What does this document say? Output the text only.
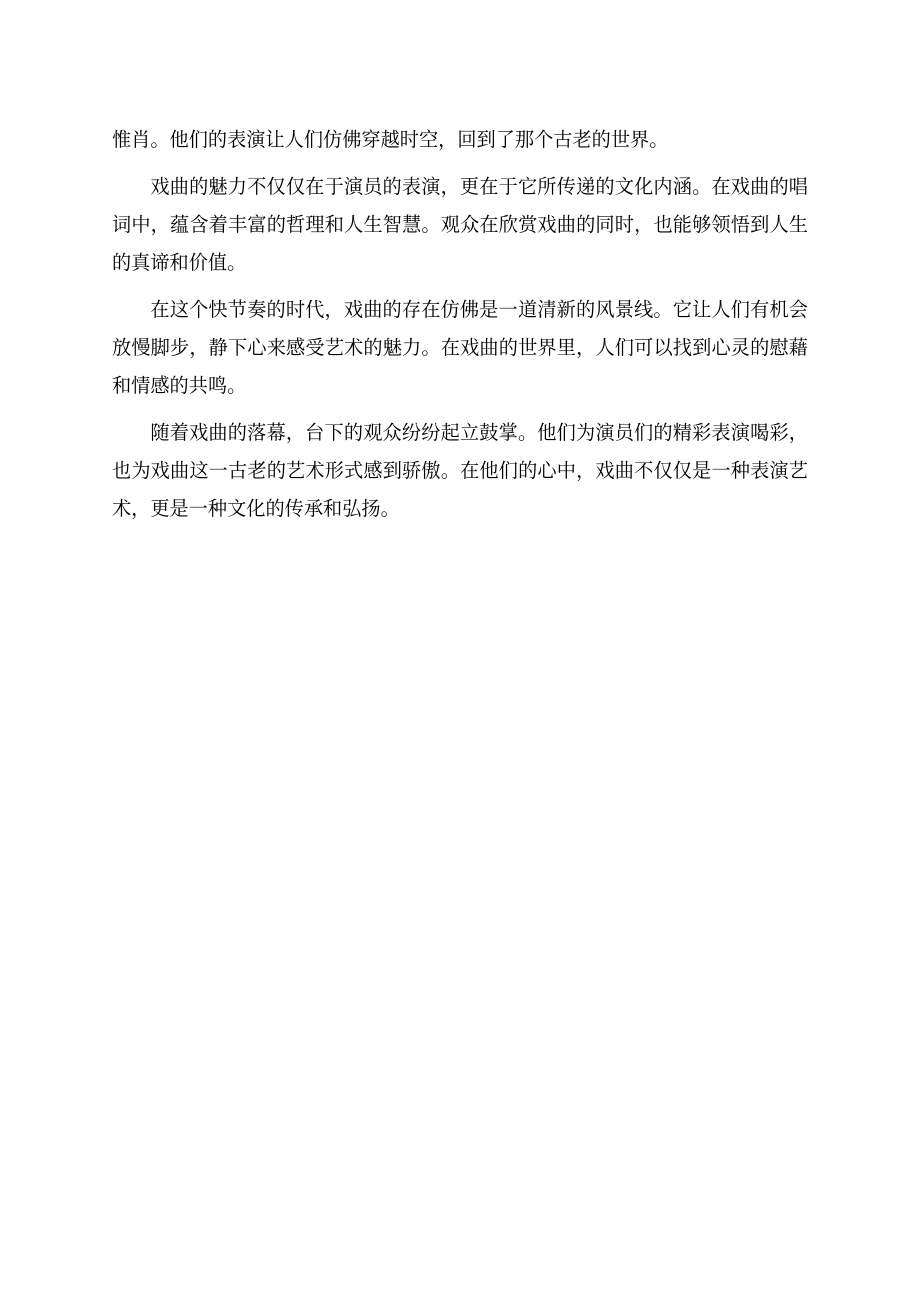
惟肖。他们的表演让人们仿佛穿越时空，回到了那个古老的世界。

戏曲的魅力不仅仅在于演员的表演，更在于它所传递的文化内涵。在戏曲的唱词中，蕴含着丰富的哲理和人生智慧。观众在欣赏戏曲的同时，也能够领悟到人生的真谛和价值。

在这个快节奏的时代，戏曲的存在仿佛是一道清新的风景线。它让人们有机会放慢脚步，静下心来感受艺术的魅力。在戏曲的世界里，人们可以找到心灵的慰藉和情感的共鸣。

随着戏曲的落幕，台下的观众纷纷起立鼓掌。他们为演员们的精彩表演喝彩，也为戏曲这一古老的艺术形式感到骄傲。在他们的心中，戏曲不仅仅是一种表演艺术，更是一种文化的传承和弘扬。
